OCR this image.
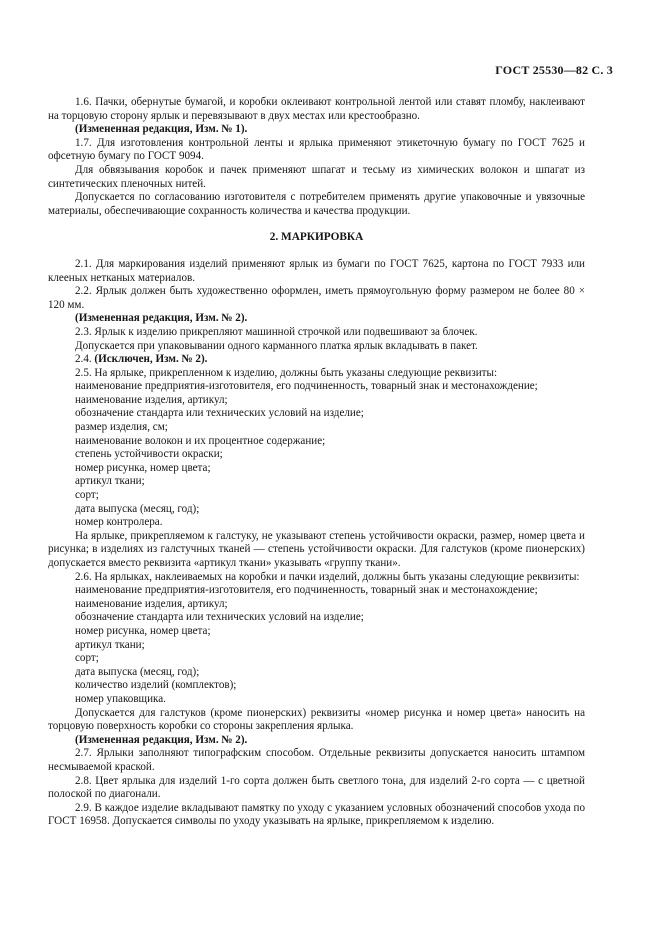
ГОСТ 25530—82 С. 3

1.6. Пачки, обернутые бумагой, и коробки оклеивают контрольной лентой или ставят пломбу, наклеивают на торцовую сторону ярлык и перевязывают в двух местах или крестообразно.

(Измененная редакция, Изм. № 1).

1.7. Для изготовления контрольной ленты и ярлыка применяют этикеточную бумагу по ГОСТ 7625 и офсетную бумагу по ГОСТ 9094.

Для обвязывания коробок и пачек применяют шпагат и тесьму из химических волокон и шпагат из синтетических пленочных нитей.

Допускается по согласованию изготовителя с потребителем применять другие упаковочные и увязочные материалы, обеспечивающие сохранность количества и качества продукции.

2. МАРКИРОВКА

2.1. Для маркирования изделий применяют ярлык из бумаги по ГОСТ 7625, картона по ГОСТ 7933 или клееных нетканых материалов.

2.2. Ярлык должен быть художественно оформлен, иметь прямоугольную форму размером не более 80 × 120 мм.

(Измененная редакция, Изм. № 2).

2.3. Ярлык к изделию прикрепляют машинной строчкой или подвешивают за блочек.

Допускается при упаковывании одного карманного платка ярлык вкладывать в пакет.

2.4. (Исключен, Изм. № 2).

2.5. На ярлыке, прикрепленном к изделию, должны быть указаны следующие реквизиты:

наименование предприятия-изготовителя, его подчиненность, товарный знак и местонахождение;

наименование изделия, артикул;

обозначение стандарта или технических условий на изделие;

размер изделия, см;

наименование волокон и их процентное содержание;

степень устойчивости окраски;

номер рисунка, номер цвета;

артикул ткани;

сорт;

дата выпуска (месяц, год);

номер контролера.

На ярлыке, прикрепляемом к галстуку, не указывают степень устойчивости окраски, размер, номер цвета и рисунка; в изделиях из галстучных тканей — степень устойчивости окраски. Для галстуков (кроме пионерских) допускается вместо реквизита «артикул ткани» указывать «группу ткани».

2.6. На ярлыках, наклеиваемых на коробки и пачки изделий, должны быть указаны следующие реквизиты:

наименование предприятия-изготовителя, его подчиненность, товарный знак и местонахождение;

наименование изделия, артикул;

обозначение стандарта или технических условий на изделие;

номер рисунка, номер цвета;

артикул ткани;

сорт;

дата выпуска (месяц, год);

количество изделий (комплектов);

номер упаковщика.

Допускается для галстуков (кроме пионерских) реквизиты «номер рисунка и номер цвета» наносить на торцовую поверхность коробки со стороны закрепления ярлыка.

(Измененная редакция, Изм. № 2).

2.7. Ярлыки заполняют типографским способом. Отдельные реквизиты допускается наносить штампом несмываемой краской.

2.8. Цвет ярлыка для изделий 1-го сорта должен быть светлого тона, для изделий 2-го сорта — с цветной полоской по диагонали.

2.9. В каждое изделие вкладывают памятку по уходу с указанием условных обозначений способов ухода по ГОСТ 16958. Допускается символы по уходу указывать на ярлыке, прикрепляемом к изделию.
